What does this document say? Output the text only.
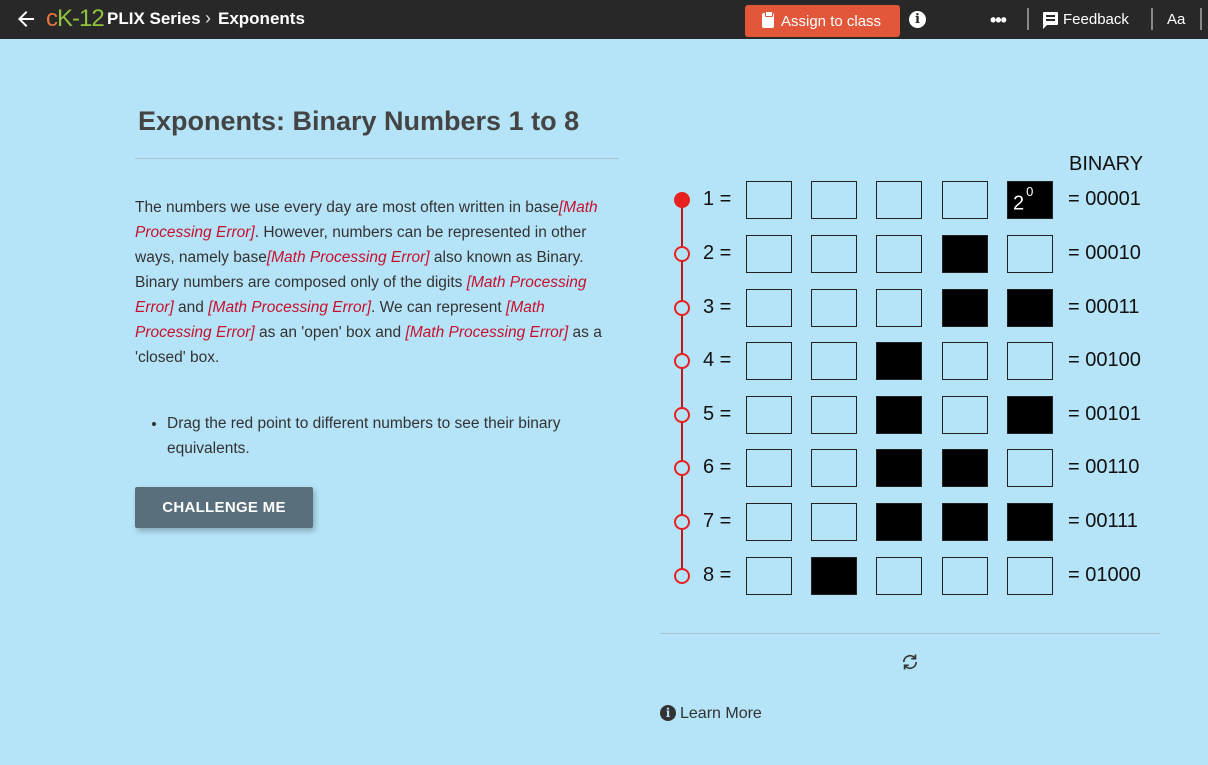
cK-12 PLIX Series › Exponents	Assign to class	i	•••	Feedback	Aa
Exponents: Binary Numbers 1 to 8

The numbers we use every day are most often written in base[Math Processing Error]. However, numbers can be represented in other ways, namely base[Math Processing Error] also known as Binary. Binary numbers are composed only of the digits [Math Processing Error] and [Math Processing Error]. We can represent [Math Processing Error] as an 'open' box and [Math Processing Error] as a 'closed' box.

• Drag the red point to different numbers to see their binary equivalents.
CHALLENGE ME
BINARY
1 =	$2^0 = 00001$
2 =	= 00010
3 =	= 00011
4 =	= 00100
5 =	= 00101
6 =	= 00110
7 =	= 00111
8 =	= 01000
i Learn More
